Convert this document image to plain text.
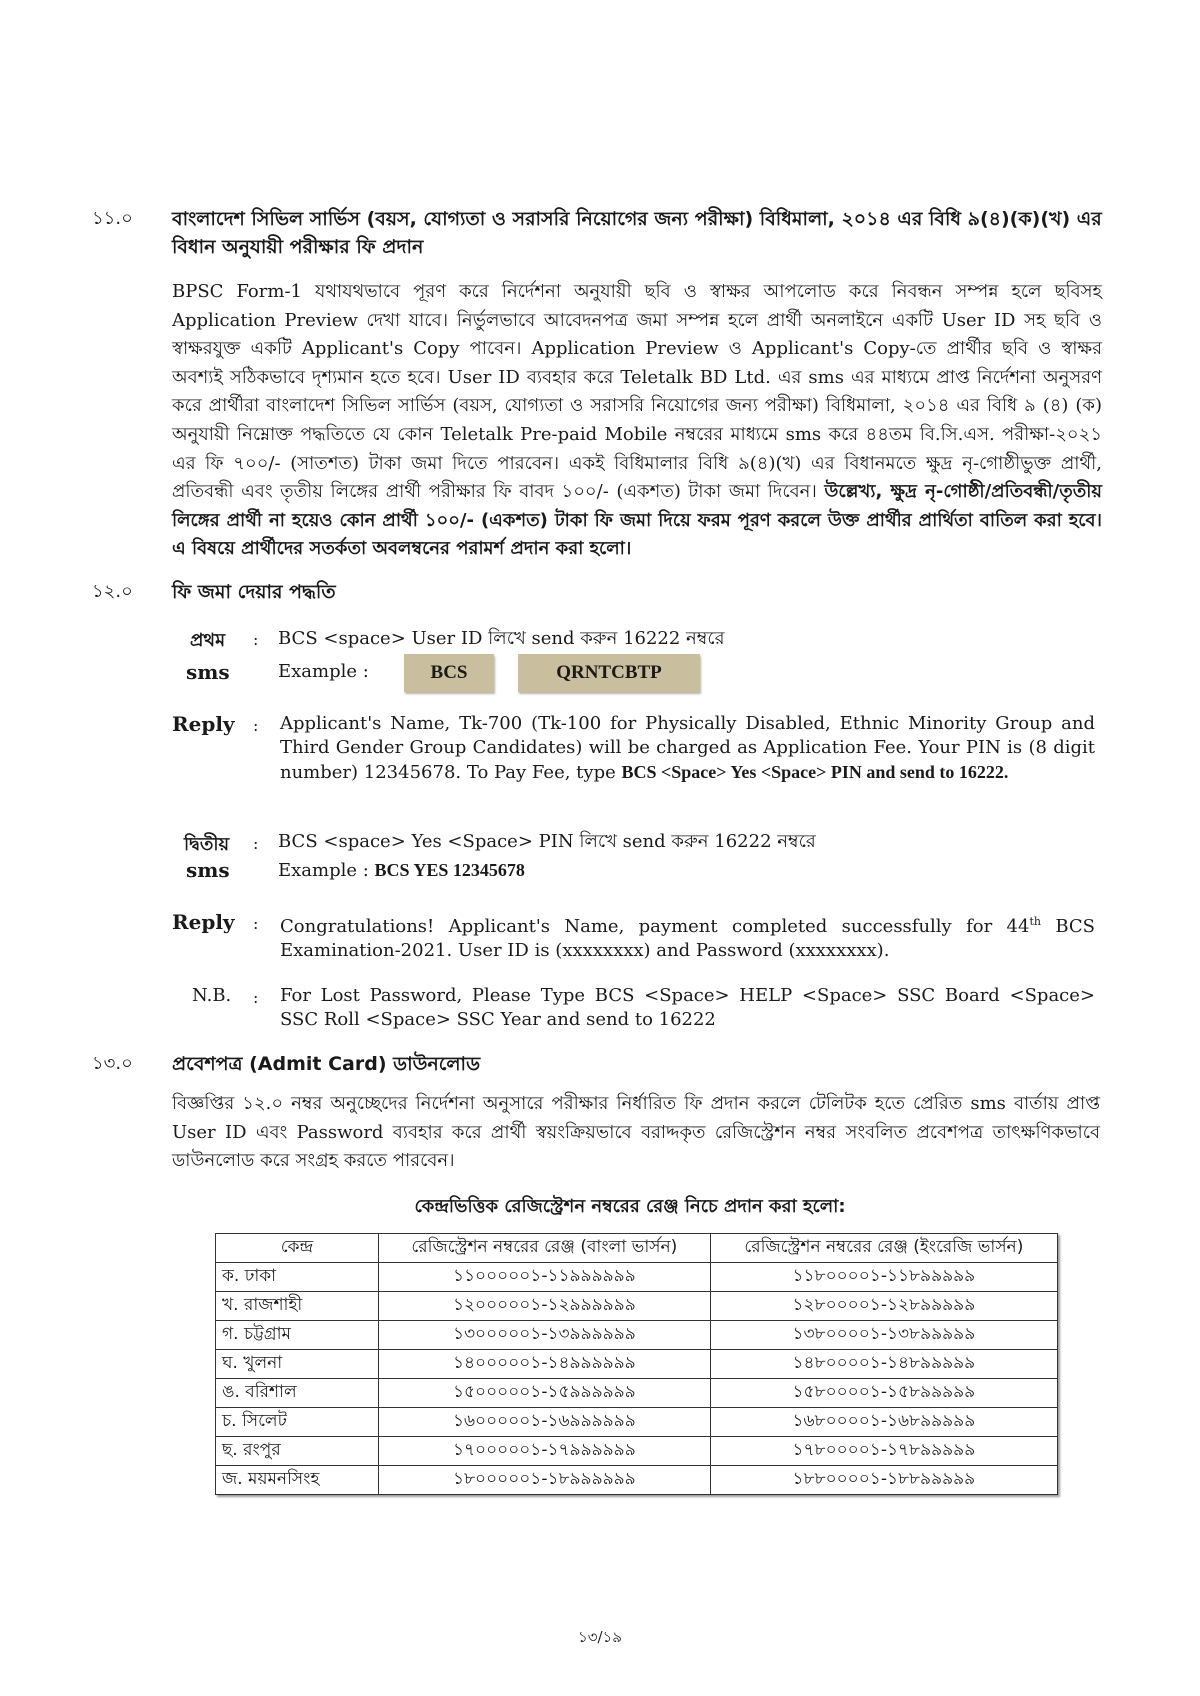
১১.০ বাংলাদেশ সিভিল সার্ভিস (বয়স, যোগ্যতা ও সরাসরি নিয়োগের জন্য পরীক্ষা) বিধিমালা, ২০১৪ এর বিধি ৯(৪)(ক)(খ) এর বিধান অনুযায়ী পরীক্ষার ফি প্রদান
BPSC Form-1 যথাযথভাবে পূরণ করে নির্দেশনা অনুযায়ী ছবি ও স্বাক্ষর আপলোড করে নিবন্ধন সম্পন্ন হলে ছবিসহ Application Preview দেখা যাবে। নির্ভুলভাবে আবেদনপত্র জমা সম্পন্ন হলে প্রার্থী অনলাইনে একটি User ID সহ ছবি ও স্বাক্ষরযুক্ত একটি Applicant's Copy পাবেন। Application Preview ও Applicant's Copy-তে প্রার্থীর ছবি ও স্বাক্ষর অবশ্যই সঠিকভাবে দৃশ্যমান হতে হবে। User ID ব্যবহার করে Teletalk BD Ltd. এর sms এর মাধ্যমে প্রাপ্ত নির্দেশনা অনুসরণ করে প্রার্থীরা বাংলাদেশ সিভিল সার্ভিস (বয়স, যোগ্যতা ও সরাসরি নিয়োগের জন্য পরীক্ষা) বিধিমালা, ২০১৪ এর বিধি ৯ (৪) (ক) অনুযায়ী নিম্নোক্ত পদ্ধতিতে যে কোন Teletalk Pre-paid Mobile নম্বরের মাধ্যমে sms করে ৪৪তম বি.সি.এস. পরীক্ষা-২০২১ এর ফি ৭০০/- (সাতশত) টাকা জমা দিতে পারবেন। একই বিধিমালার বিধি ৯(৪)(খ) এর বিধানমতে ক্ষুদ্র নৃ-গোষ্ঠীভুক্ত প্রার্থী, প্রতিবন্ধী এবং তৃতীয় লিঙ্গের প্রার্থী পরীক্ষার ফি বাবদ ১০০/- (একশত) টাকা জমা দিবেন। উল্লেখ্য, ক্ষুদ্র নৃ-গোষ্ঠী/প্রতিবন্ধী/তৃতীয় লিঙ্গের প্রার্থী না হয়েও কোন প্রার্থী ১০০/- (একশত) টাকা ফি জমা দিয়ে ফরম পূরণ করলে উক্ত প্রার্থীর প্রার্থিতা বাতিল করা হবে। এ বিষয়ে প্রার্থীদের সতর্কতা অবলম্বনের পরামর্শ প্রদান করা হলো।
১২.০ ফি জমা দেয়ার পদ্ধতি
প্রথম
sms
: BCS <space> User ID লিখে send করুন 16222 নম্বরে
Example :	BCS	QRNTCBTP
Reply : Applicant's Name, Tk-700 (Tk-100 for Physically Disabled, Ethnic Minority Group and Third Gender Group Candidates) will be charged as Application Fee. Your PIN is (8 digit number) 12345678. To Pay Fee, type BCS <Space> Yes <Space> PIN and send to 16222.
দ্বিতীয়
sms
: BCS <space> Yes <Space> PIN লিখে send করুন 16222 নম্বরে
Example : BCS YES 12345678
Reply : Congratulations! Applicant's Name, payment completed successfully for 44th BCS Examination-2021. User ID is (xxxxxxxx) and Password (xxxxxxxx).
N.B. : For Lost Password, Please Type BCS <Space> HELP <Space> SSC Board <Space> SSC Roll <Space> SSC Year and send to 16222
১৩.০ প্রবেশপত্র (Admit Card) ডাউনলোড
বিজ্ঞপ্তির ১২.০ নম্বর অনুচ্ছেদের নির্দেশনা অনুসারে পরীক্ষার নির্ধারিত ফি প্রদান করলে টেলিটক হতে প্রেরিত sms বার্তায় প্রাপ্ত User ID এবং Password ব্যবহার করে প্রার্থী স্বয়ংক্রিয়ভাবে বরাদ্দকৃত রেজিস্ট্রেশন নম্বর সংবলিত প্রবেশপত্র তাৎক্ষণিকভাবে ডাউনলোড করে সংগ্রহ করতে পারবেন।
কেন্দ্রভিত্তিক রেজিস্ট্রেশন নম্বরের রেঞ্জ নিচে প্রদান করা হলো:
কেন্দ্র	রেজিস্ট্রেশন নম্বরের রেঞ্জ (বাংলা ভার্সন)	রেজিস্ট্রেশন নম্বরের রেঞ্জ (ইংরেজি ভার্সন)
ক. ঢাকা	১১০০০০০১-১১৯৯৯৯৯৯	১১৮০০০০১-১১৮৯৯৯৯৯
খ. রাজশাহী	১২০০০০০১-১২৯৯৯৯৯৯	১২৮০০০০১-১২৮৯৯৯৯৯
গ. চট্টগ্রাম	১৩০০০০০১-১৩৯৯৯৯৯৯	১৩৮০০০০১-১৩৮৯৯৯৯৯
ঘ. খুলনা	১৪০০০০০১-১৪৯৯৯৯৯৯	১৪৮০০০০১-১৪৮৯৯৯৯৯
ঙ. বরিশাল	১৫০০০০০১-১৫৯৯৯৯৯৯	১৫৮০০০০১-১৫৮৯৯৯৯৯
চ. সিলেট	১৬০০০০০১-১৬৯৯৯৯৯৯	১৬৮০০০০১-১৬৮৯৯৯৯৯
ছ. রংপুর	১৭০০০০০১-১৭৯৯৯৯৯৯	১৭৮০০০০১-১৭৮৯৯৯৯৯
জ. ময়মনসিংহ	১৮০০০০০১-১৮৯৯৯৯৯৯	১৮৮০০০০১-১৮৮৯৯৯৯৯
১৩/১৯
